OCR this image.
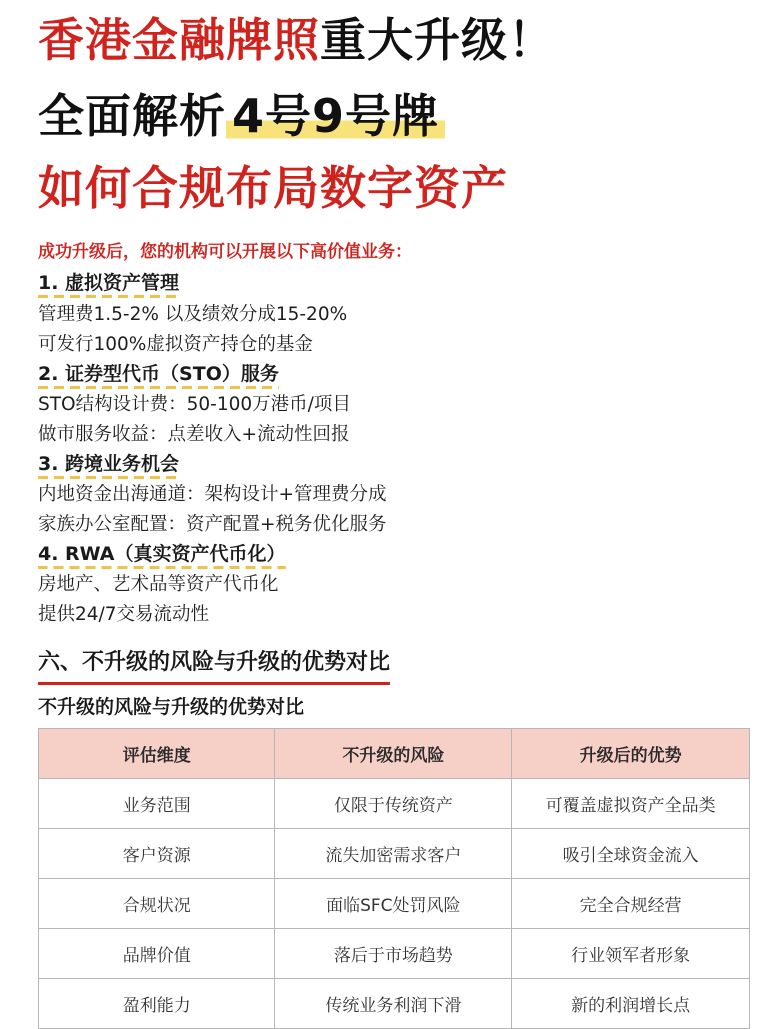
香港金融牌照重大升级！
全面解析 4号9号牌
如何合规布局数字资产
成功升级后，您的机构可以开展以下高价值业务：
1. 虚拟资产管理
管理费1.5-2% 以及绩效分成15-20%
可发行100%虚拟资产持仓的基金
2. 证券型代币（STO）服务
STO结构设计费：50-100万港币/项目
做市服务收益：点差收入+流动性回报
3. 跨境业务机会
内地资金出海通道：架构设计+管理费分成
家族办公室配置：资产配置+税务优化服务
4. RWA（真实资产代币化）
房地产、艺术品等资产代币化
提供24/7交易流动性
六、不升级的风险与升级的优势对比
不升级的风险与升级的优势对比
评估维度	不升级的风险	升级后的优势
业务范围	仅限于传统资产	可覆盖虚拟资产全品类
客户资源	流失加密需求客户	吸引全球资金流入
合规状况	面临SFC处罚风险	完全合规经营
品牌价值	落后于市场趋势	行业领军者形象
盈利能力	传统业务利润下滑	新的利润增长点
